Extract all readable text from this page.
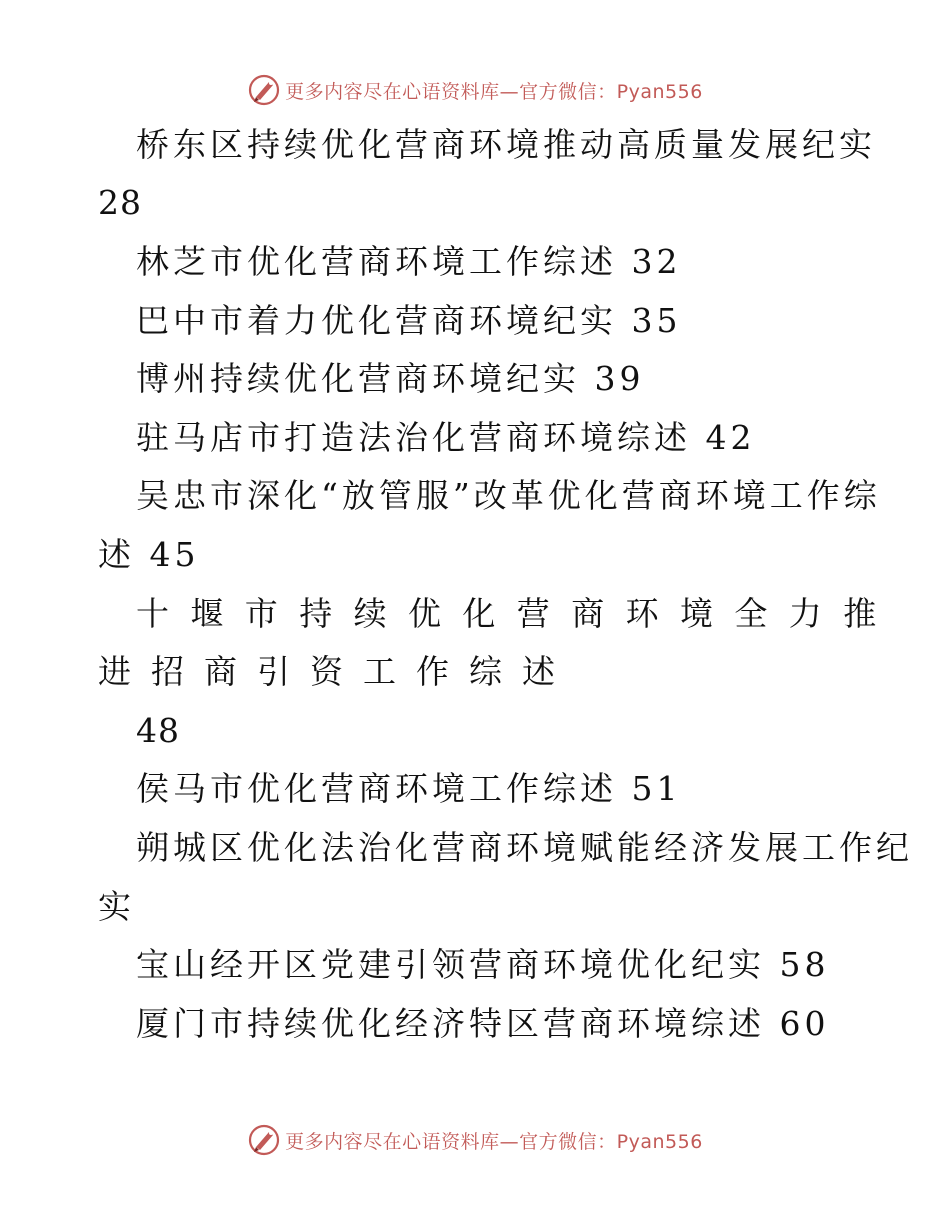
更多内容尽在心语资料库—官方微信：Pyan556
桥东区持续优化营商环境推动高质量发展纪实
28
林芝市优化营商环境工作综述 32
巴中市着力优化营商环境纪实 35
博州持续优化营商环境纪实 39
驻马店市打造法治化营商环境综述 42
吴忠市深化“放管服”改革优化营商环境工作综
述 45
十堰市持续优化营商环境全力推
进招商引资工作综述
48
侯马市优化营商环境工作综述 51
朔城区优化法治化营商环境赋能经济发展工作纪
实
宝山经开区党建引领营商环境优化纪实 58
厦门市持续优化经济特区营商环境综述 60
更多内容尽在心语资料库—官方微信：Pyan556
